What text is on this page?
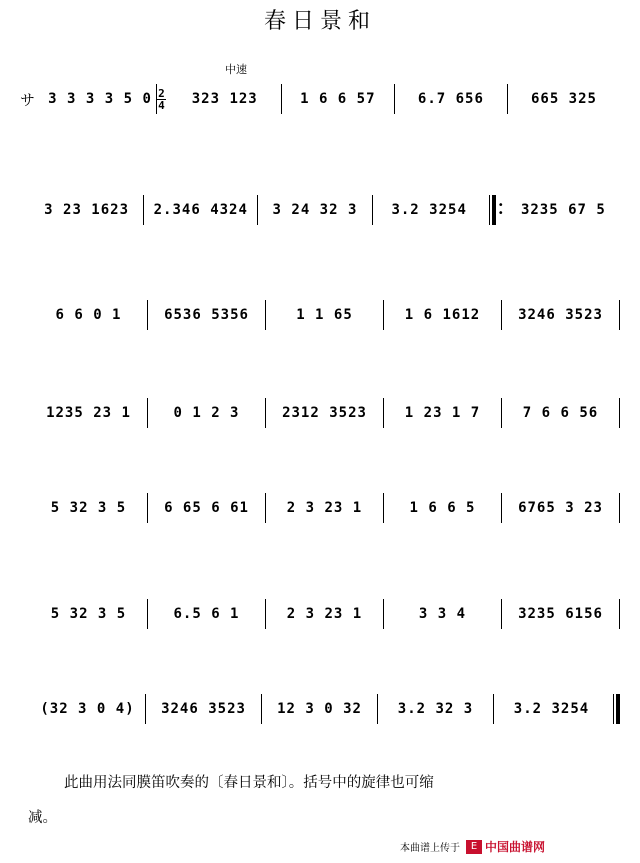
春日景和
中速
サ 3 3 3 3 5 $0 \frac{2}{4}$	323 123	1 6 6 57	6.7 656	665 325
3 23 1623	2.346 4324	3 24 32 3	3.2 3254	•
•	3235 67 5
6 6 0 1	6536 5356	1 1 65	1 6 1612	3246 3523
1235 23 1	0 1 2 3	2312 3523	1 23 1 7	7 6 6 56
5 32 3 5	6 65 6 61	2 3 23 1	1 6 6 5	6765 3 23
5 32 3 5	6.5 6 1	2 3 23 1	3 3 4	3235 6156
(32 3 0 4)	3246 3523	12 3 0 32	3.2 32 3	3.2 3254
此曲用法同膜笛吹奏的〔春日景和〕。括号中的旋律也可缩
减。
本曲谱上传于	E 中国曲谱网
